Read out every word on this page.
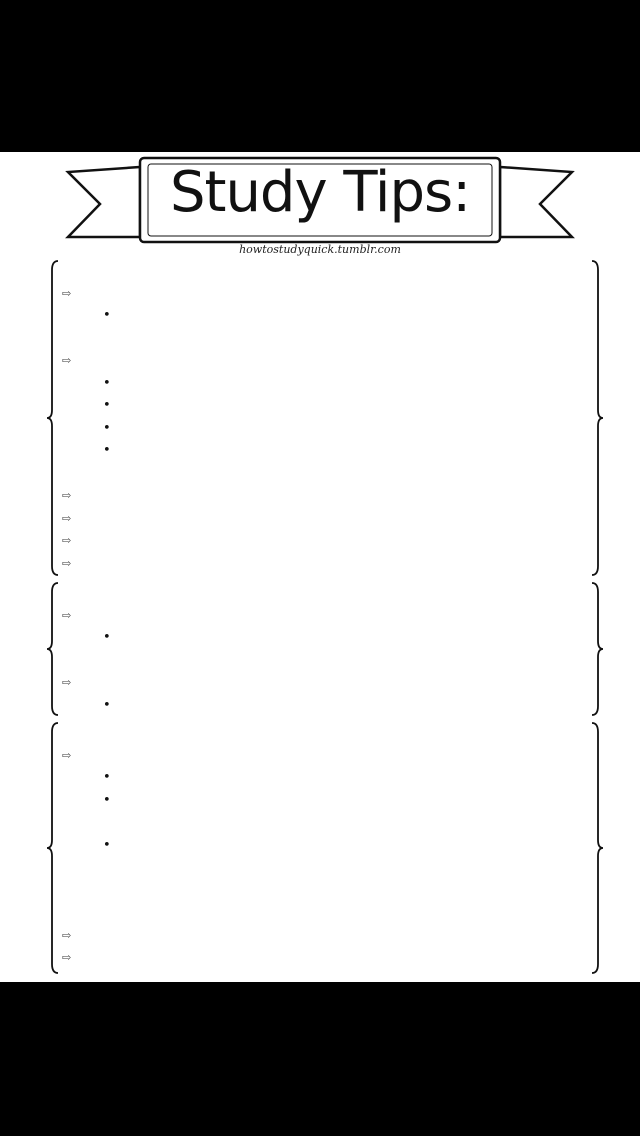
Study Tips:
howtostudyquick.tumblr.com
⇨
•
⇨
•
•
•
•
⇨
⇨
⇨
⇨
⇨
•
⇨
•
⇨
•
•
•
⇨
⇨
